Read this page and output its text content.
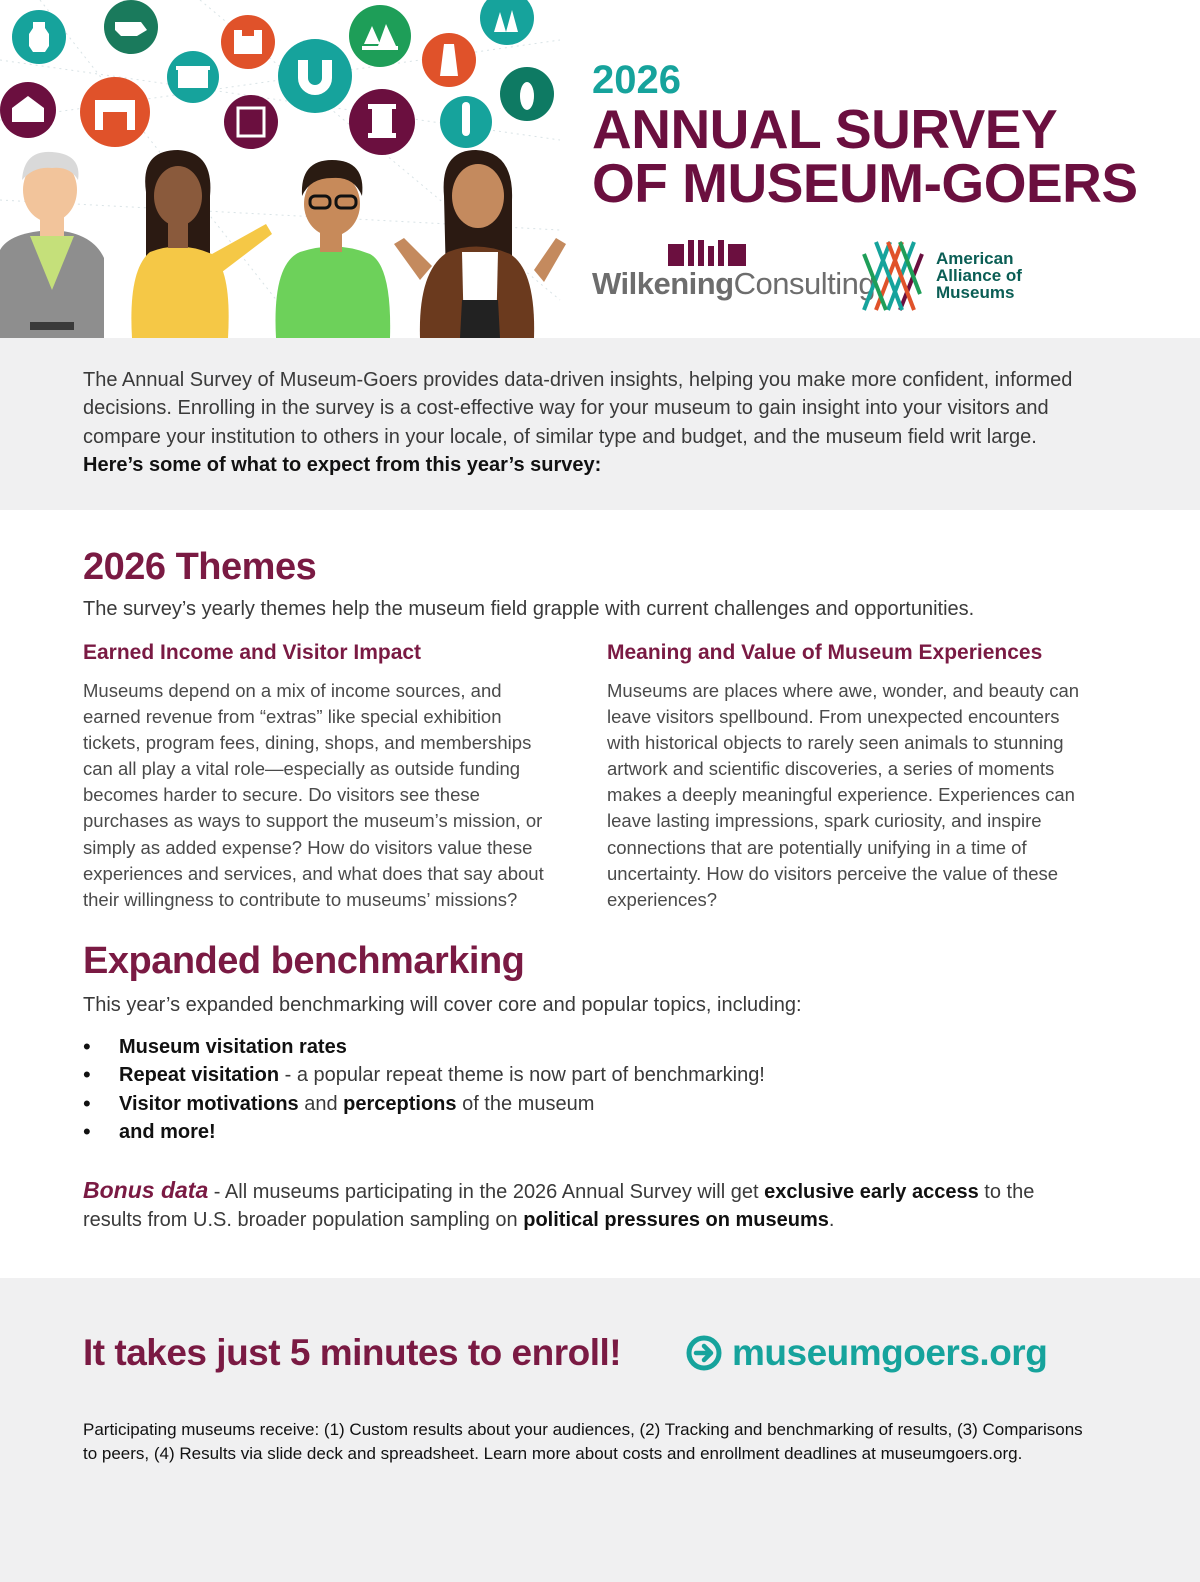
2026
ANNUAL SURVEY
OF MUSEUM-GOERS
WilkeningConsulting
American
Alliance of
Museums

The Annual Survey of Museum-Goers provides data-driven insights, helping you make more confident, informed decisions. Enrolling in the survey is a cost-effective way for your museum to gain insight into your visitors and compare your institution to others in your locale, of similar type and budget, and the museum field writ large. Here’s some of what to expect from this year’s survey:

2026 Themes

The survey’s yearly themes help the museum field grapple with current challenges and opportunities.

Earned Income and Visitor Impact

Museums depend on a mix of income sources, and earned revenue from “extras” like special exhibition tickets, program fees, dining, shops, and memberships can all play a vital role—especially as outside funding becomes harder to secure. Do visitors see these purchases as ways to support the museum’s mission, or simply as added expense? How do visitors value these experiences and services, and what does that say about their willingness to contribute to museums’ missions?

Meaning and Value of Museum Experiences

Museums are places where awe, wonder, and beauty can leave visitors spellbound. From unexpected encounters with historical objects to rarely seen animals to stunning artwork and scientific discoveries, a series of moments makes a deeply meaningful experience. Experiences can leave lasting impressions, spark curiosity, and inspire connections that are potentially unifying in a time of uncertainty. How do visitors perceive the value of these experiences?

Expanded benchmarking

This year’s expanded benchmarking will cover core and popular topics, including:

• Museum visitation rates
• Repeat visitation - a popular repeat theme is now part of benchmarking!
• Visitor motivations and perceptions of the museum
• and more!

Bonus data - All museums participating in the 2026 Annual Survey will get exclusive early access to the results from U.S. broader population sampling on political pressures on museums.

It takes just 5 minutes to enroll!	museumgoers.org

Participating museums receive: (1) Custom results about your audiences, (2) Tracking and benchmarking of results, (3) Comparisons to peers, (4) Results via slide deck and spreadsheet. Learn more about costs and enrollment deadlines at museumgoers.org.
